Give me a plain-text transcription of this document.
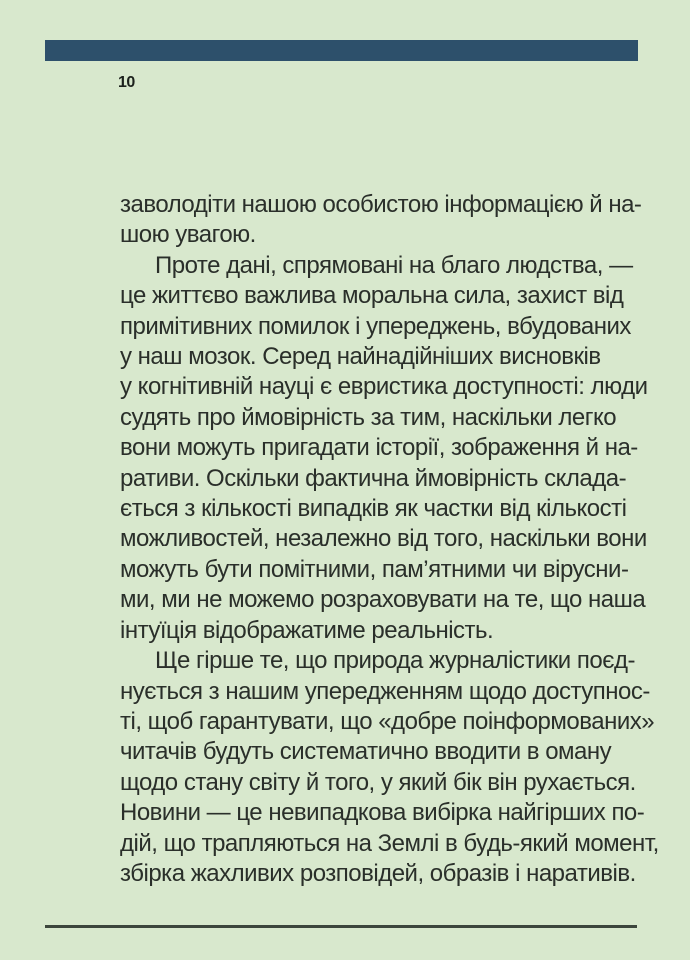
10
заволодіти нашою особистою інформацією й на-
шою увагою.
Проте дані, спрямовані на благо людства, —
це життєво важлива моральна сила, захист від
примітивних помилок і упереджень, вбудованих
у наш мозок. Серед найнадійніших висновків
у когнітивній науці є евристика доступності: люди
судять про ймовірність за тим, наскільки легко
вони можуть пригадати історії, зображення й на-
ративи. Оскільки фактична ймовірність склада-
ється з кількості випадків як частки від кількості
можливостей, незалежно від того, наскільки вони
можуть бути помітними, пам’ятними чи вірусни-
ми, ми не можемо розраховувати на те, що наша
інтуїція відображатиме реальність.
Ще гірше те, що природа журналістики поєд-
нується з нашим упередженням щодо доступнос-
ті, щоб гарантувати, що «добре поінформованих»
читачів будуть систематично вводити в оману
щодо стану світу й того, у який бік він рухається.
Новини — це невипадкова вибірка найгірших по-
дій, що трапляються на Землі в будь-який момент,
збірка жахливих розповідей, образів і наративів.
